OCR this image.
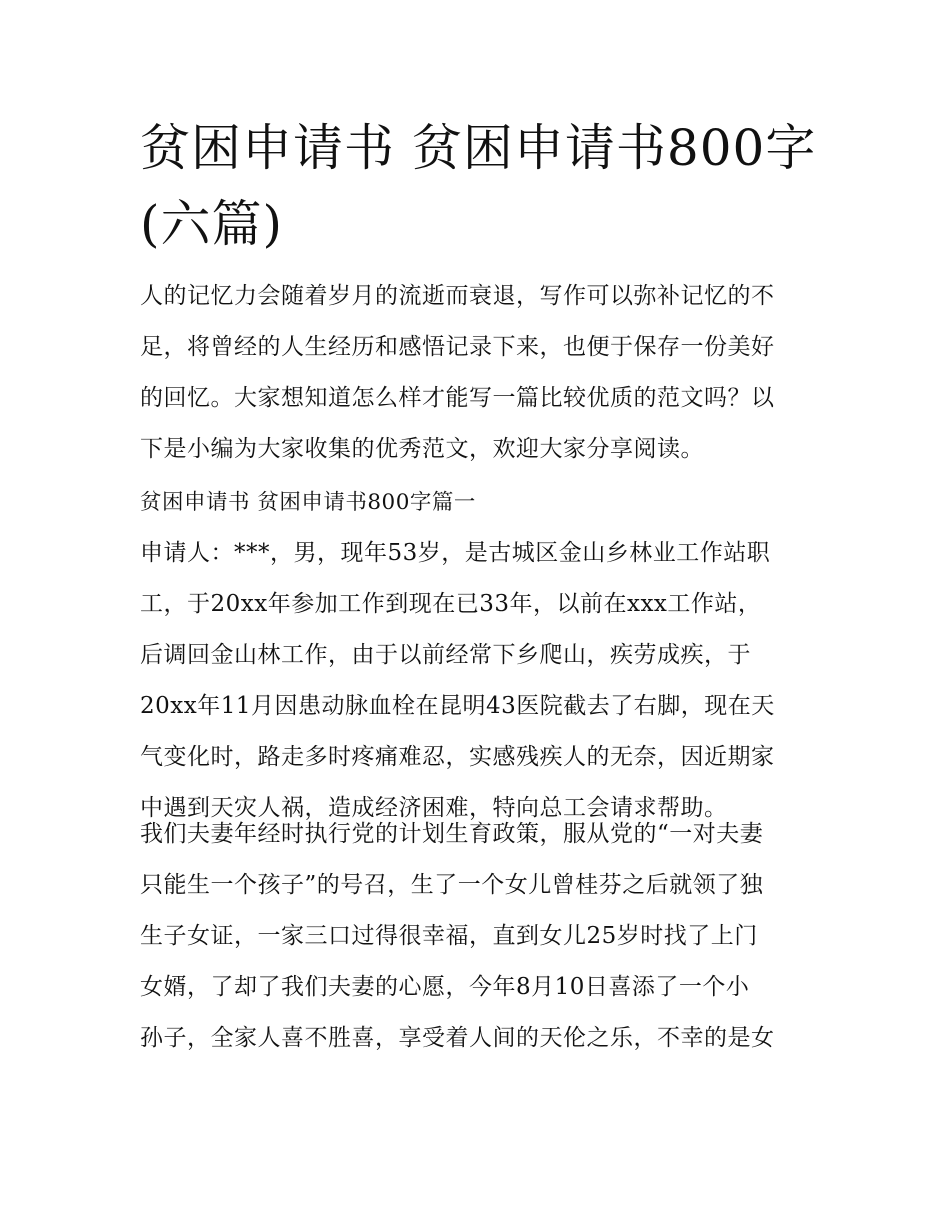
贫困申请书 贫困申请书800字
(六篇)
人的记忆力会随着岁月的流逝而衰退，写作可以弥补记忆的不
足，将曾经的人生经历和感悟记录下来，也便于保存一份美好
的回忆。大家想知道怎么样才能写一篇比较优质的范文吗？以
下是小编为大家收集的优秀范文，欢迎大家分享阅读。
贫困申请书 贫困申请书800字篇一
申请人：***，男，现年53岁，是古城区金山乡林业工作站职
工，于20xx年参加工作到现在已33年，以前在xxx工作站，
后调回金山林工作，由于以前经常下乡爬山，疾劳成疾，于
20xx年11月因患动脉血栓在昆明43医院截去了右脚，现在天
气变化时，路走多时疼痛难忍，实感残疾人的无奈，因近期家
中遇到天灾人祸，造成经济困难，特向总工会请求帮助。
我们夫妻年经时执行党的计划生育政策，服从党的“一对夫妻
只能生一个孩子”的号召，生了一个女儿曾桂芬之后就领了独
生子女证，一家三口过得很幸福，直到女儿25岁时找了上门
女婿，了却了我们夫妻的心愿，今年8月10日喜添了一个小
孙子，全家人喜不胜喜，享受着人间的天伦之乐，不幸的是女
